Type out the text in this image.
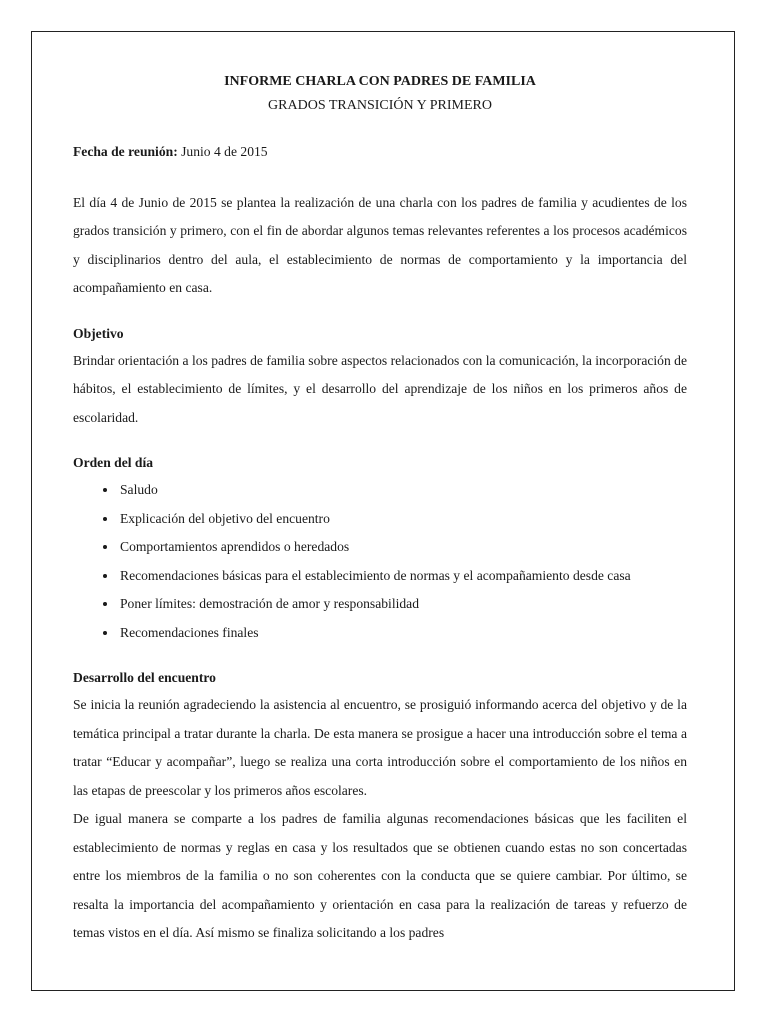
INFORME CHARLA CON PADRES DE FAMILIA
GRADOS TRANSICIÓN Y PRIMERO

Fecha de reunión: Junio 4 de 2015

El día 4 de Junio de 2015 se plantea la realización de una charla con los padres de familia y acudientes de los grados transición y primero, con el fin de abordar algunos temas relevantes referentes a los procesos académicos y disciplinarios dentro del aula, el establecimiento de normas de comportamiento y la importancia del acompañamiento en casa.

Objetivo

Brindar orientación a los padres de familia sobre aspectos relacionados con la comunicación, la incorporación de hábitos, el establecimiento de límites, y el desarrollo del aprendizaje de los niños en los primeros años de escolaridad.

Orden del día
• Saludo
• Explicación del objetivo del encuentro
• Comportamientos aprendidos o heredados
• Recomendaciones básicas para el establecimiento de normas y el acompañamiento desde casa
• Poner límites: demostración de amor y responsabilidad
• Recomendaciones finales
Desarrollo del encuentro

Se inicia la reunión agradeciendo la asistencia al encuentro, se prosiguió informando acerca del objetivo y de la temática principal a tratar durante la charla. De esta manera se prosigue a hacer una introducción sobre el tema a tratar “Educar y acompañar”, luego se realiza una corta introducción sobre el comportamiento de los niños en las etapas de preescolar y los primeros años escolares.

De igual manera se comparte a los padres de familia algunas recomendaciones básicas que les faciliten el establecimiento de normas y reglas en casa y los resultados que se obtienen cuando estas no son concertadas entre los miembros de la familia o no son coherentes con la conducta que se quiere cambiar. Por último, se resalta la importancia del acompañamiento y orientación en casa para la realización de tareas y refuerzo de temas vistos en el día. Así mismo se finaliza solicitando a los padres
